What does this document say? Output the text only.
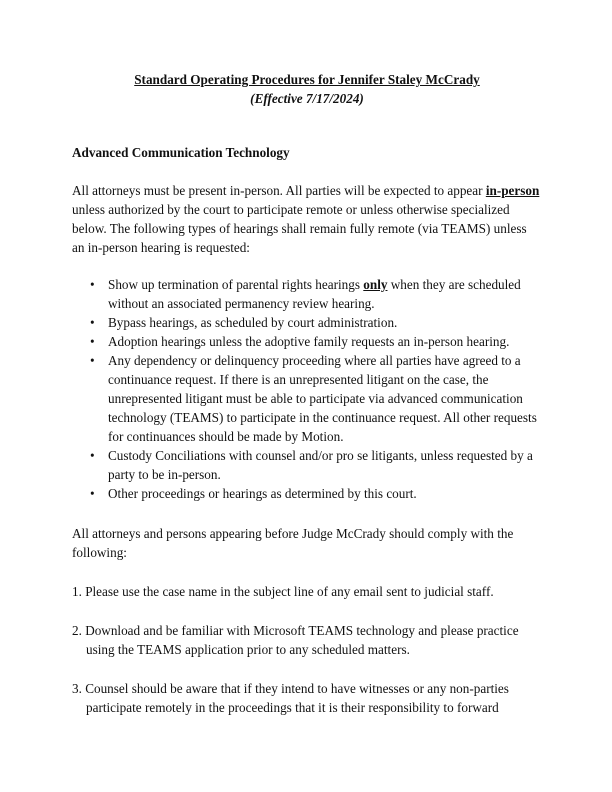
Standard Operating Procedures for Jennifer Staley McCrady
(Effective 7/17/2024)
Advanced Communication Technology
All attorneys must be present in-person. All parties will be expected to appear in-person unless authorized by the court to participate remote or unless otherwise specialized below. The following types of hearings shall remain fully remote (via TEAMS) unless an in-person hearing is requested:
• Show up termination of parental rights hearings only when they are scheduled without an associated permanency review hearing.
• Bypass hearings, as scheduled by court administration.
• Adoption hearings unless the adoptive family requests an in-person hearing.
• Any dependency or delinquency proceeding where all parties have agreed to a continuance request. If there is an unrepresented litigant on the case, the unrepresented litigant must be able to participate via advanced communication technology (TEAMS) to participate in the continuance request. All other requests for continuances should be made by Motion.
• Custody Conciliations with counsel and/or pro se litigants, unless requested by a party to be in-person.
• Other proceedings or hearings as determined by this court.
All attorneys and persons appearing before Judge McCrady should comply with the following:
1. Please use the case name in the subject line of any email sent to judicial staff.
2. Download and be familiar with Microsoft TEAMS technology and please practice using the TEAMS application prior to any scheduled matters.
3. Counsel should be aware that if they intend to have witnesses or any non-parties participate remotely in the proceedings that it is their responsibility to forward
